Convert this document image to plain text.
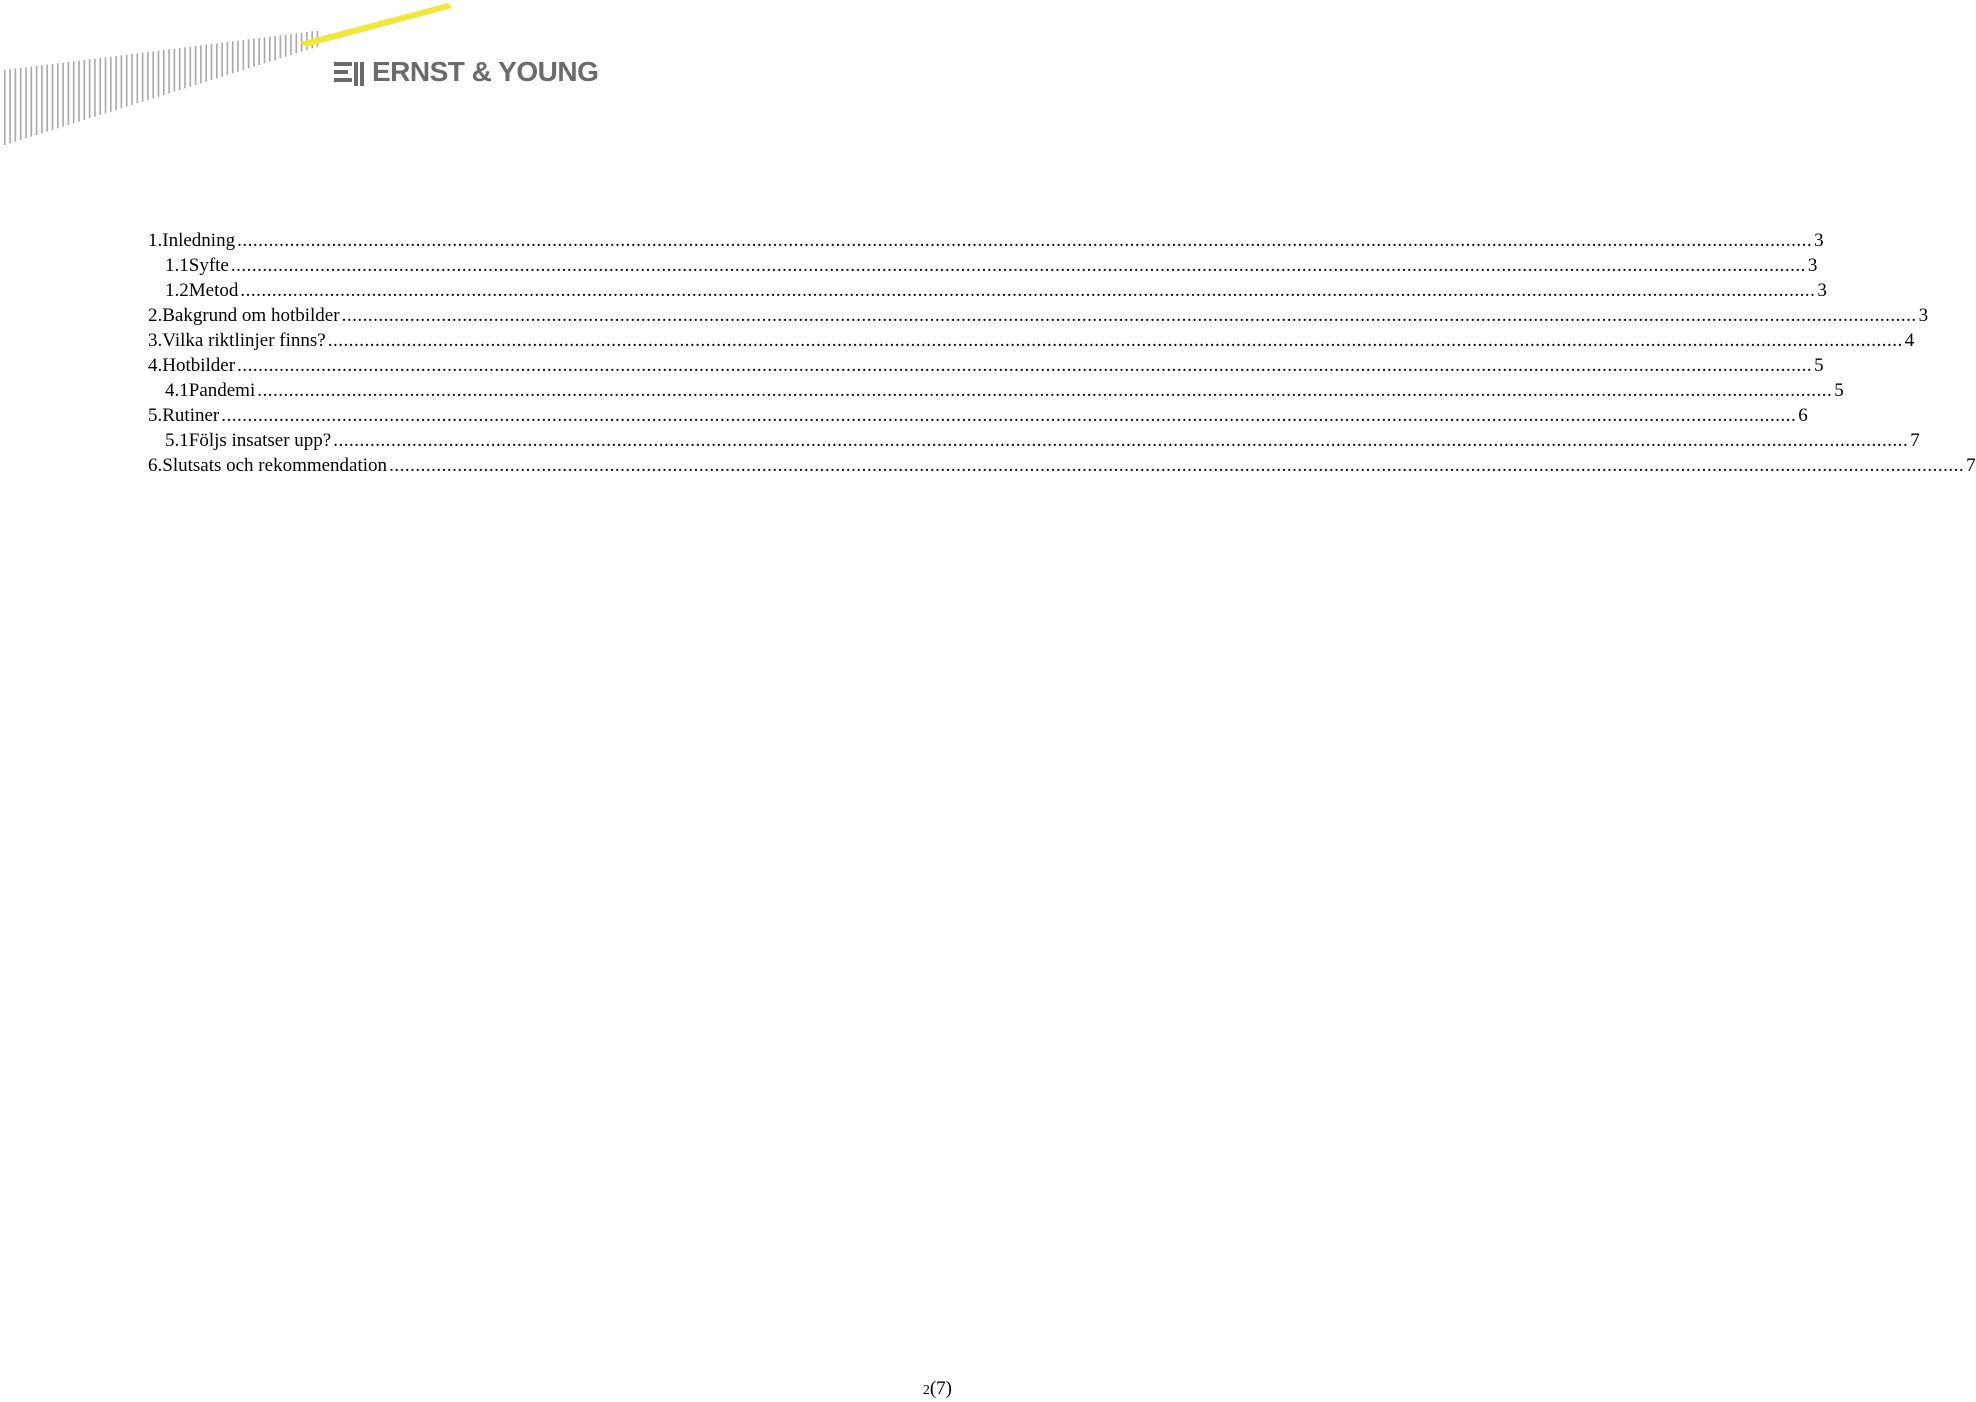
ERNST & YOUNG
1. Inledning ............................................................................................................................................................................................................................................................................................................ 3
1.1 Syfte ............................................................................................................................................................................................................................................................................................................ 3
1.2 Metod ............................................................................................................................................................................................................................................................................................................ 3
2. Bakgrund om hotbilder ............................................................................................................................................................................................................................................................................................................ 3
3. Vilka riktlinjer finns? ............................................................................................................................................................................................................................................................................................................ 4
4. Hotbilder ............................................................................................................................................................................................................................................................................................................ 5
4.1 Pandemi ............................................................................................................................................................................................................................................................................................................ 5
5. Rutiner ............................................................................................................................................................................................................................................................................................................ 6
5.1 Följs insatser upp? ............................................................................................................................................................................................................................................................................................................ 7
6. Slutsats och rekommendation ............................................................................................................................................................................................................................................................................................................ 7
2(7)
